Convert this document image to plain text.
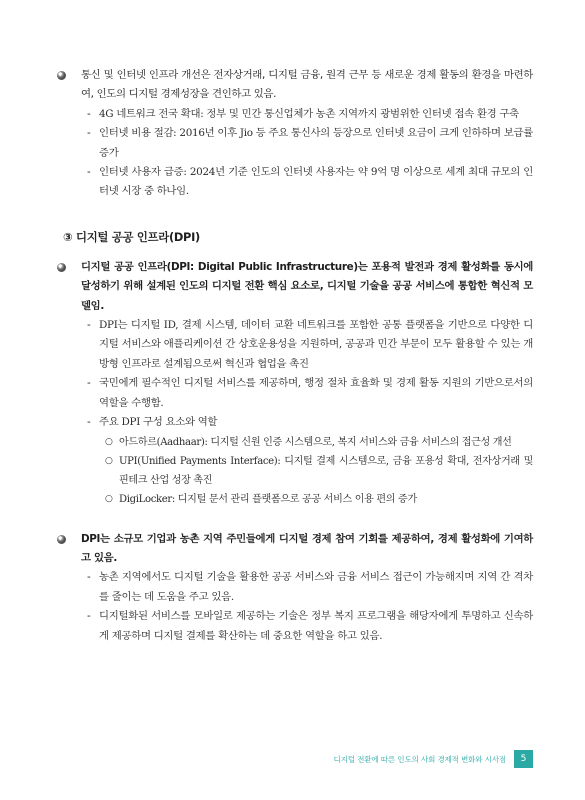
통신 및 인터넷 인프라 개선은 전자상거래, 디지털 금융, 원격 근무 등 새로운 경제 활동의 환경을 마련하여, 인도의 디지털 경제성장을 견인하고 있음.

- 4G 네트워크 전국 확대: 정부 및 민간 통신업체가 농촌 지역까지 광범위한 인터넷 접속 환경 구축

- 인터넷 비용 절감: 2016년 이후 Jio 등 주요 통신사의 등장으로 인터넷 요금이 크게 인하하며 보급률 증가

- 인터넷 사용자 급증: 2024년 기준 인도의 인터넷 사용자는 약 9억 명 이상으로 세계 최대 규모의 인터넷 시장 중 하나임.

③ 디지털 공공 인프라(DPI)

디지털 공공 인프라(DPI: Digital Public Infrastructure)는 포용적 발전과 경제 활성화를 동시에 달성하기 위해 설계된 인도의 디지털 전환 핵심 요소로, 디지털 기술을 공공 서비스에 통합한 혁신적 모델임.

- DPI는 디지털 ID, 결제 시스템, 데이터 교환 네트워크를 포함한 공통 플랫폼을 기반으로 다양한 디지털 서비스와 애플리케이션 간 상호운용성을 지원하며, 공공과 민간 부문이 모두 활용할 수 있는 개방형 인프라로 설계됨으로써 혁신과 협업을 촉진

- 국민에게 필수적인 디지털 서비스를 제공하며, 행정 절차 효율화 및 경제 활동 지원의 기반으로서의 역할을 수행함.

- 주요 DPI 구성 요소와 역할

○ 아드하르(Aadhaar): 디지털 신원 인증 시스템으로, 복지 서비스와 금융 서비스의 접근성 개선

○ UPI(Unified Payments Interface): 디지털 결제 시스템으로, 금융 포용성 확대, 전자상거래 및 핀테크 산업 성장 촉진

○ DigiLocker: 디지털 문서 관리 플랫폼으로 공공 서비스 이용 편의 증가

DPI는 소규모 기업과 농촌 지역 주민들에게 디지털 경제 참여 기회를 제공하여, 경제 활성화에 기여하고 있음.

- 농촌 지역에서도 디지털 기술을 활용한 공공 서비스와 금융 서비스 접근이 가능해지며 지역 간 격차를 줄이는 데 도움을 주고 있음.

- 디지털화된 서비스를 모바일로 제공하는 기술은 정부 복지 프로그램을 해당자에게 투명하고 신속하게 제공하며 디지털 결제를 확산하는 데 중요한 역할을 하고 있음.

디지털 전환에 따른 인도의 사회 경제적 변화와 시사점	5
